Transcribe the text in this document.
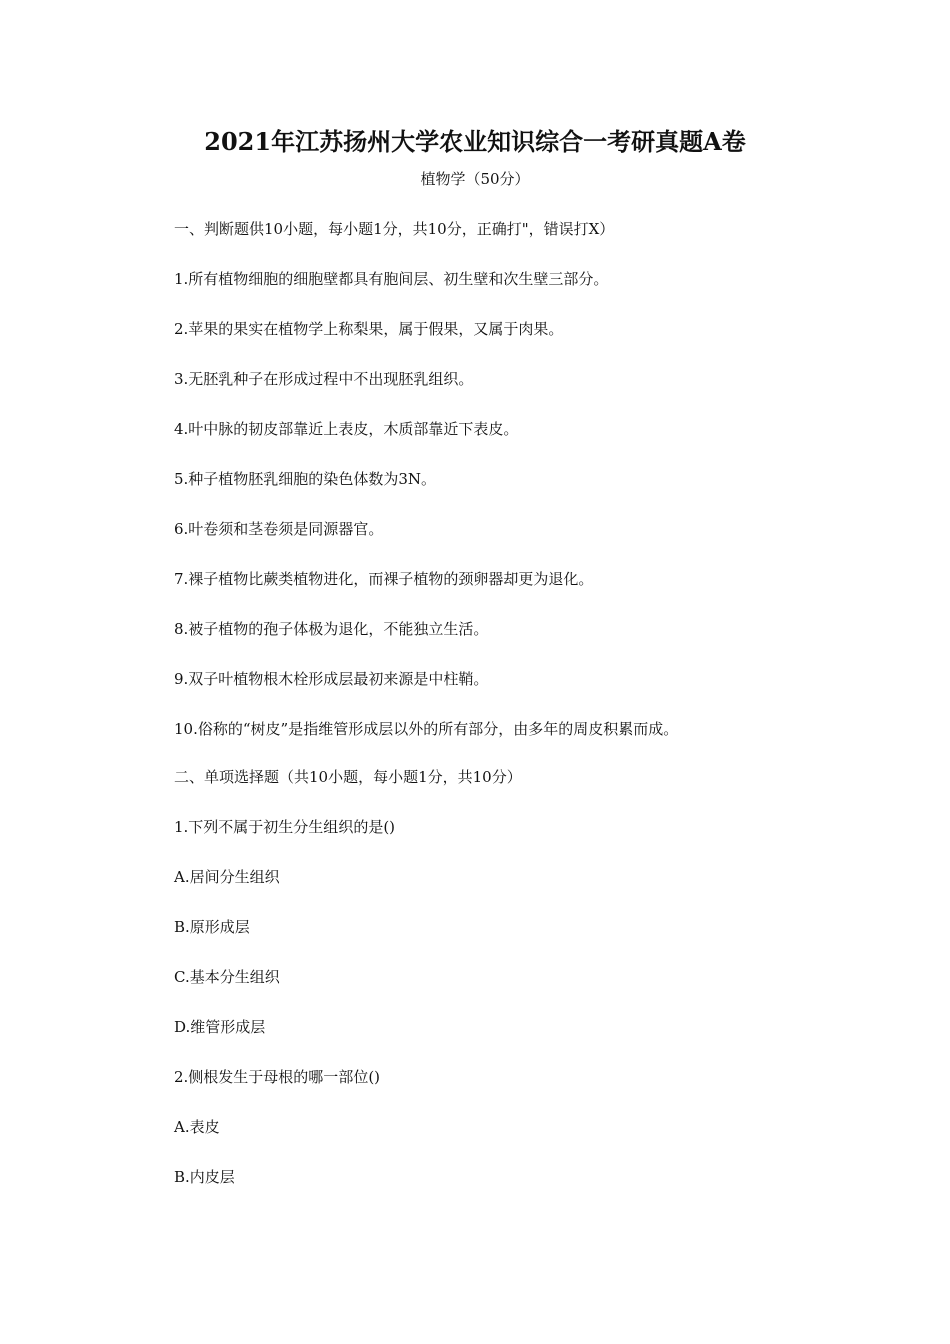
2021年江苏扬州大学农业知识综合一考研真题A卷
植物学（50分）
一、判断题供10小题，每小题1分，共10分，正确打"，错误打X）
1.所有植物细胞的细胞壁都具有胞间层、初生壁和次生壁三部分。
2.苹果的果实在植物学上称梨果，属于假果，又属于肉果。
3.无胚乳种子在形成过程中不出现胚乳组织。
4.叶中脉的韧皮部靠近上表皮，木质部靠近下表皮。
5.种子植物胚乳细胞的染色体数为3N。
6.叶卷须和茎卷须是同源器官。
7.裸子植物比蕨类植物进化，而裸子植物的颈卵器却更为退化。
8.被子植物的孢子体极为退化，不能独立生活。
9.双子叶植物根木栓形成层最初来源是中柱鞘。
10.俗称的“树皮”是指维管形成层以外的所有部分，由多年的周皮积累而成。
二、单项选择题（共10小题，每小题1分，共10分）
1.下列不属于初生分生组织的是()
A.居间分生组织
B.原形成层
C.基本分生组织
D.维管形成层
2.侧根发生于母根的哪一部位()
A.表皮
B.内皮层
